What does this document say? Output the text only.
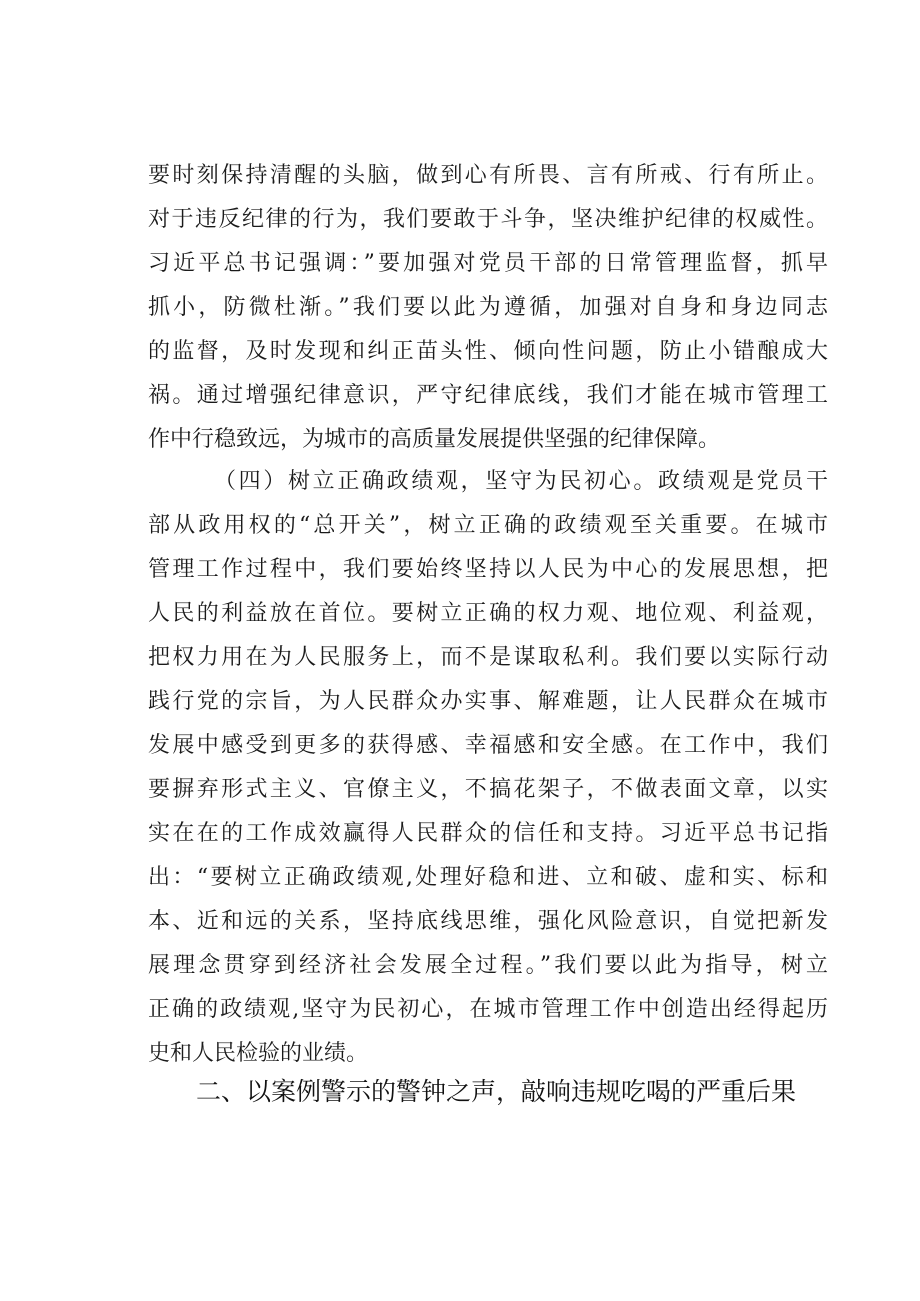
要时刻保持清醒的头脑，做到心有所畏、言有所戒、行有所止。
对于违反纪律的行为，我们要敢于斗争，坚决维护纪律的权威性。
习近平总书记强调：”要加强对党员干部的日常管理监督，抓早
抓小，防微杜渐。”我们要以此为遵循，加强对自身和身边同志
的监督，及时发现和纠正苗头性、倾向性问题，防止小错酿成大
祸。通过增强纪律意识，严守纪律底线，我们才能在城市管理工
作中行稳致远，为城市的高质量发展提供坚强的纪律保障。
（四）树立正确政绩观，坚守为民初心。政绩观是党员干
部从政用权的“总开关”，树立正确的政绩观至关重要。在城市
管理工作过程中，我们要始终坚持以人民为中心的发展思想，把
人民的利益放在首位。要树立正确的权力观、地位观、利益观，
把权力用在为人民服务上，而不是谋取私利。我们要以实际行动
践行党的宗旨，为人民群众办实事、解难题，让人民群众在城市
发展中感受到更多的获得感、幸福感和安全感。在工作中，我们
要摒弃形式主义、官僚主义，不搞花架子，不做表面文章，以实
实在在的工作成效赢得人民群众的信任和支持。习近平总书记指
出：“要树立正确政绩观,处理好稳和进、立和破、虚和实、标和
本、近和远的关系，坚持底线思维，强化风险意识，自觉把新发
展理念贯穿到经济社会发展全过程。”我们要以此为指导，树立
正确的政绩观,坚守为民初心，在城市管理工作中创造出经得起历
史和人民检验的业绩。
二、以案例警示的警钟之声，敲响违规吃喝的严重后果
